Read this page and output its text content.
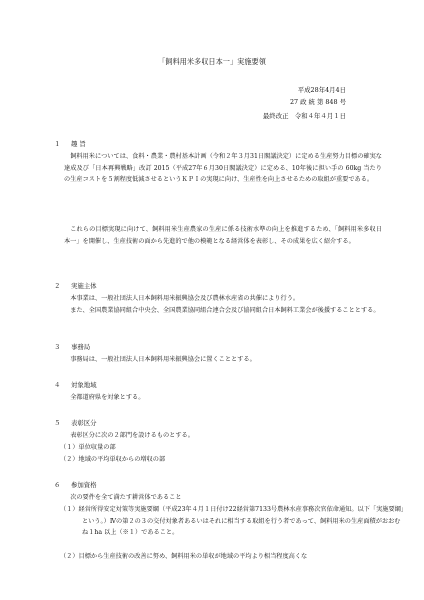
「飼料用米多収日本一」実施要領
平成28年4月4日
27 政 統 第 848 号
最終改正　令和４年４月１日
１ 趣 旨
飼料用米については、食料・農業・農村基本計画（令和２年３月31日閣議決定）に定める生産努力目標の確実な達成及び「日本再興戦略」改訂 2015（平成27年６月30日閣議決定）に定める、10年後に担い手の 60kg 当たりの生産コストを５割程度低減させるというＫＰＩの実現に向け、生産性を向上させるための取組が重要である。
これらの目標実現に向けて、飼料用米生産農家の生産に係る技術水準の向上を推進するため、「飼料用米多収日本一」を開催し、生産技術の面から先進的で他の模範となる経営体を表彰し、その成果を広く紹介する。
２ 実施主体
本事業は、一般社団法人日本飼料用米振興協会及び農林水産省の共催により行う。
また、全国農業協同組合中央会、全国農業協同組合連合会及び協同組合日本飼料工業会が後援することとする。
３ 事務局
事務局は、一般社団法人日本飼料用米振興協会に置くこととする。
４ 対象地域
全都道府県を対象とする。
５ 表彰区分
表彰区分に次の２部門を設けるものとする。
（１）単位収量の部
（２）地域の平均単収からの増収の部
６ 参加資格
次の要件を全て満たす耕営体であること
（１）経営所得安定対策等実施要綱（平成23年４月１日付け22経営第7133号農林水産事務次官依命通知。以下「実施要綱」という。）Ⅳの第２の３の交付対象者あるいはそれに相当する取組を行う者であって、飼料用米の生産面積がおおむね１ha 以上（※１）であること。
（２）目標から生産技術の改善に努め、飼料用米の単収が地域の平均より相当程度高くな
